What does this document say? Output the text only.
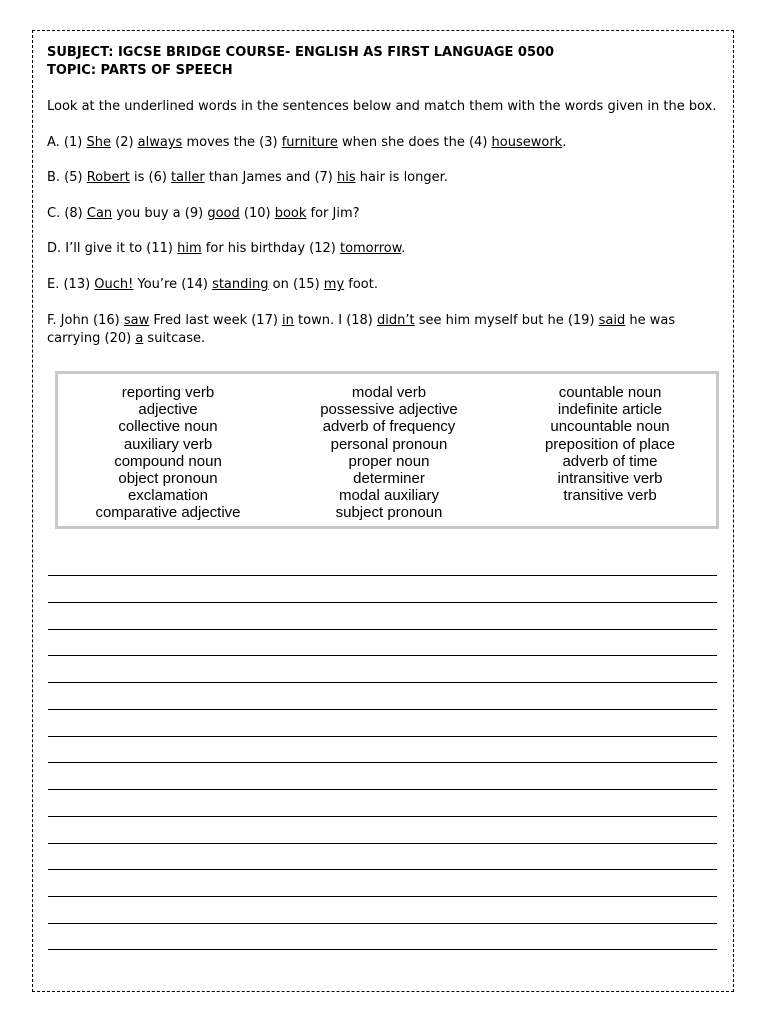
SUBJECT: IGCSE BRIDGE COURSE- ENGLISH AS FIRST LANGUAGE 0500
TOPIC: PARTS OF SPEECH
Look at the underlined words in the sentences below and match them with the words given in the box.
A. (1) She (2) always moves the (3) furniture when she does the (4) housework.
B. (5) Robert is (6) taller than James and (7) his hair is longer.
C. (8) Can you buy a (9) good (10) book for Jim?
D. I’ll give it to (11) him for his birthday (12) tomorrow.
E. (13) Ouch! You’re (14) standing on (15) my foot.
F. John (16) saw Fred last week (17) in town. I (18) didn’t see him myself but he (19) said he was carrying (20) a suitcase.
reporting verb
adjective
collective noun
auxiliary verb
compound noun
object pronoun
exclamation
comparative adjective
modal verb
possessive adjective
adverb of frequency
personal pronoun
proper noun
determiner
modal auxiliary
subject pronoun
countable noun
indefinite article
uncountable noun
preposition of place
adverb of time
intransitive verb
transitive verb
